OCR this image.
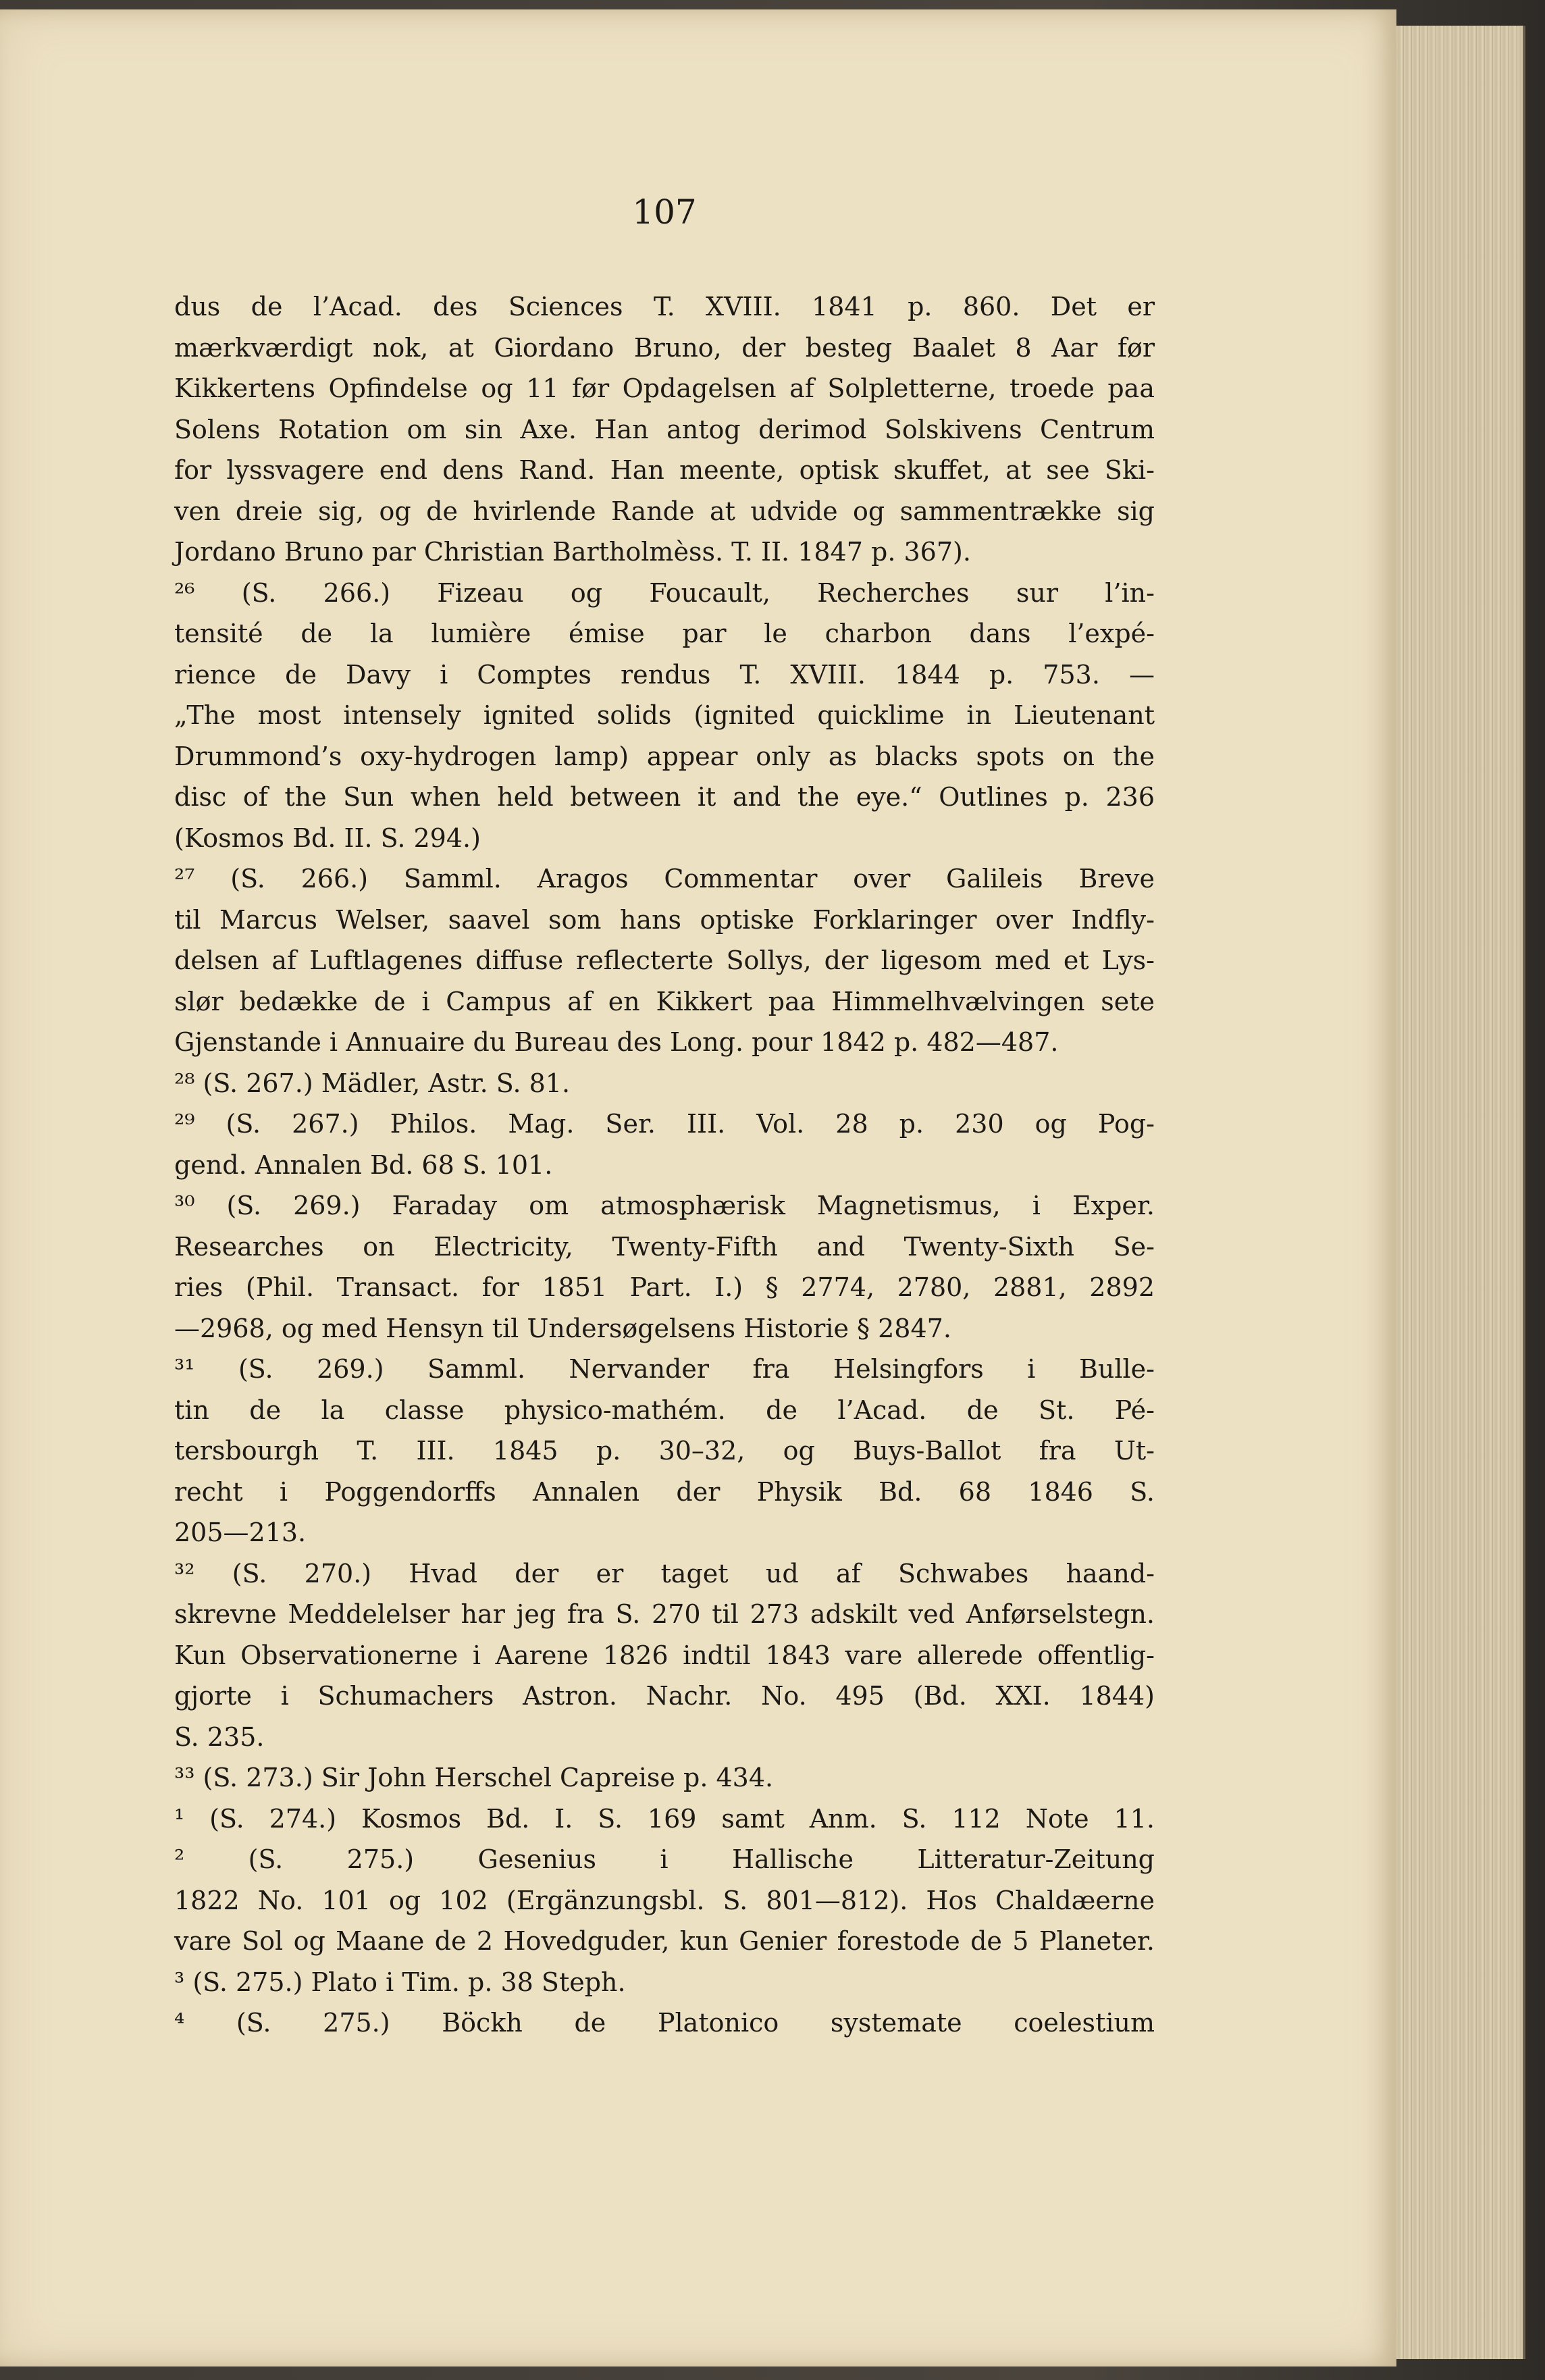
107
dus de l’Acad. des Sciences T. XVIII. 1841 p. 860. Det er
mærkværdigt nok, at Giordano Bruno, der besteg Baalet 8 Aar før
Kikkertens Opfindelse og 11 før Opdagelsen af Solpletterne, troede paa
Solens Rotation om sin Axe. Han antog derimod Solskivens Centrum
for lyssvagere end dens Rand. Han meente, optisk skuffet, at see Ski-
ven dreie sig, og de hvirlende Rande at udvide og sammentrække sig
Jordano Bruno par Christian Bartholmèss. T. II. 1847 p. 367).
²⁶ (S. 266.) Fizeau og Foucault, Recherches sur l’in-
tensité de la lumière émise par le charbon dans l’expé-
rience de Davy i Comptes rendus T. XVIII. 1844 p. 753. —
„The most intensely ignited solids (ignited quicklime in Lieutenant
Drummond’s oxy-hydrogen lamp) appear only as blacks spots on the
disc of the Sun when held between it and the eye.“ Outlines p. 236
(Kosmos Bd. II. S. 294.)
²⁷ (S. 266.) Samml. Aragos Commentar over Galileis Breve
til Marcus Welser, saavel som hans optiske Forklaringer over Indfly-
delsen af Luftlagenes diffuse reflecterte Sollys, der ligesom med et Lys-
slør bedække de i Campus af en Kikkert paa Himmelhvælvingen sete
Gjenstande i Annuaire du Bureau des Long. pour 1842 p. 482—487.
²⁸ (S. 267.) Mädler, Astr. S. 81.
²⁹ (S. 267.) Philos. Mag. Ser. III. Vol. 28 p. 230 og Pog-
gend. Annalen Bd. 68 S. 101.
³⁰ (S. 269.) Faraday om atmosphærisk Magnetismus, i Exper.
Researches on Electricity, Twenty-Fifth and Twenty-Sixth Se-
ries (Phil. Transact. for 1851 Part. I.) § 2774, 2780, 2881, 2892
—2968, og med Hensyn til Undersøgelsens Historie § 2847.
³¹ (S. 269.) Samml. Nervander fra Helsingfors i Bulle-
tin de la classe physico-mathém. de l’Acad. de St. Pé-
tersbourgh T. III. 1845 p. 30–32, og Buys-Ballot fra Ut-
recht i Poggendorffs Annalen der Physik Bd. 68 1846 S.
205—213.
³² (S. 270.) Hvad der er taget ud af Schwabes haand-
skrevne Meddelelser har jeg fra S. 270 til 273 adskilt ved Anførselstegn.
Kun Observationerne i Aarene 1826 indtil 1843 vare allerede offentlig-
gjorte i Schumachers Astron. Nachr. No. 495 (Bd. XXI. 1844)
S. 235.
³³ (S. 273.) Sir John Herschel Capreise p. 434.
¹ (S. 274.) Kosmos Bd. I. S. 169 samt Anm. S. 112 Note 11.
² (S. 275.) Gesenius i Hallische Litteratur-Zeitung
1822 No. 101 og 102 (Ergänzungsbl. S. 801—812). Hos Chaldæerne
vare Sol og Maane de 2 Hovedguder, kun Genier forestode de 5 Planeter.
³ (S. 275.) Plato i Tim. p. 38 Steph.
⁴ (S. 275.) Böckh de Platonico systemate coelestium
